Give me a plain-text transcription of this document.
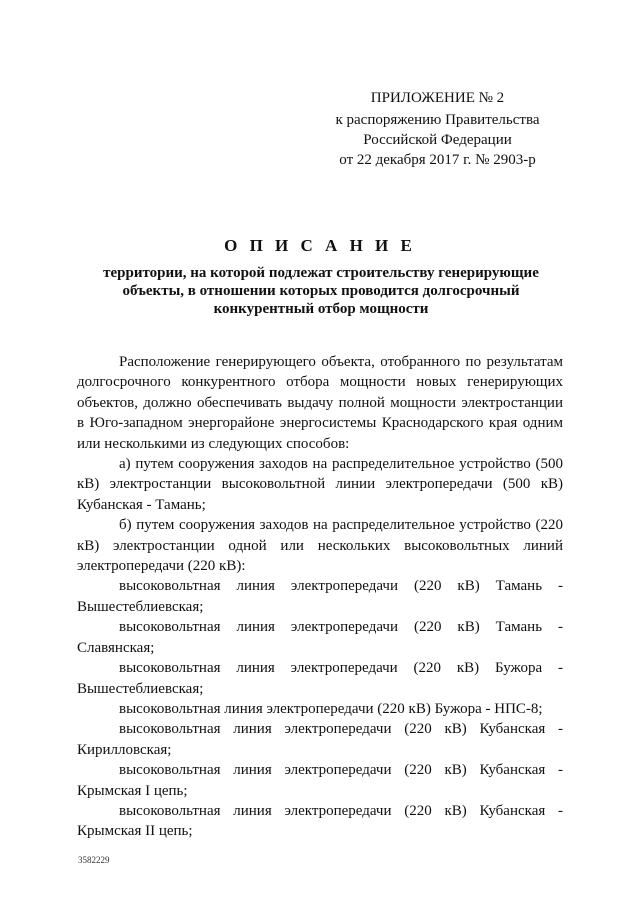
ПРИЛОЖЕНИЕ № 2
к распоряжению Правительства
Российской Федерации
от 22 декабря 2017 г. № 2903-р
О П И С А Н И Е
территории, на которой подлежат строительству генерирующие объекты, в отношении которых проводится долгосрочный конкурентный отбор мощности

Расположение генерирующего объекта, отобранного по результатам долгосрочного конкурентного отбора мощности новых генерирующих объектов, должно обеспечивать выдачу полной мощности электростанции в Юго-западном энергорайоне энергосистемы Краснодарского края одним или несколькими из следующих способов:

а) путем сооружения заходов на распределительное устройство (500 кВ) электростанции высоковольтной линии электропередачи (500 кВ) Кубанская - Тамань;

б) путем сооружения заходов на распределительное устройство (220 кВ) электростанции одной или нескольких высоковольтных линий электропередачи (220 кВ):

высоковольтная линия электропередачи (220 кВ) Тамань -

Вышестеблиевская;

высоковольтная линия электропередачи (220 кВ) Тамань -

Славянская;

высоковольтная линия электропередачи (220 кВ) Бужора -

Вышестеблиевская;

высоковольтная линия электропередачи (220 кВ) Бужора - НПС-8;

высоковольтная линия электропередачи (220 кВ) Кубанская -

Кирилловская;

высоковольтная линия электропередачи (220 кВ) Кубанская -

Крымская I цепь;

высоковольтная линия электропередачи (220 кВ) Кубанская -

Крымская II цепь;

3582229
